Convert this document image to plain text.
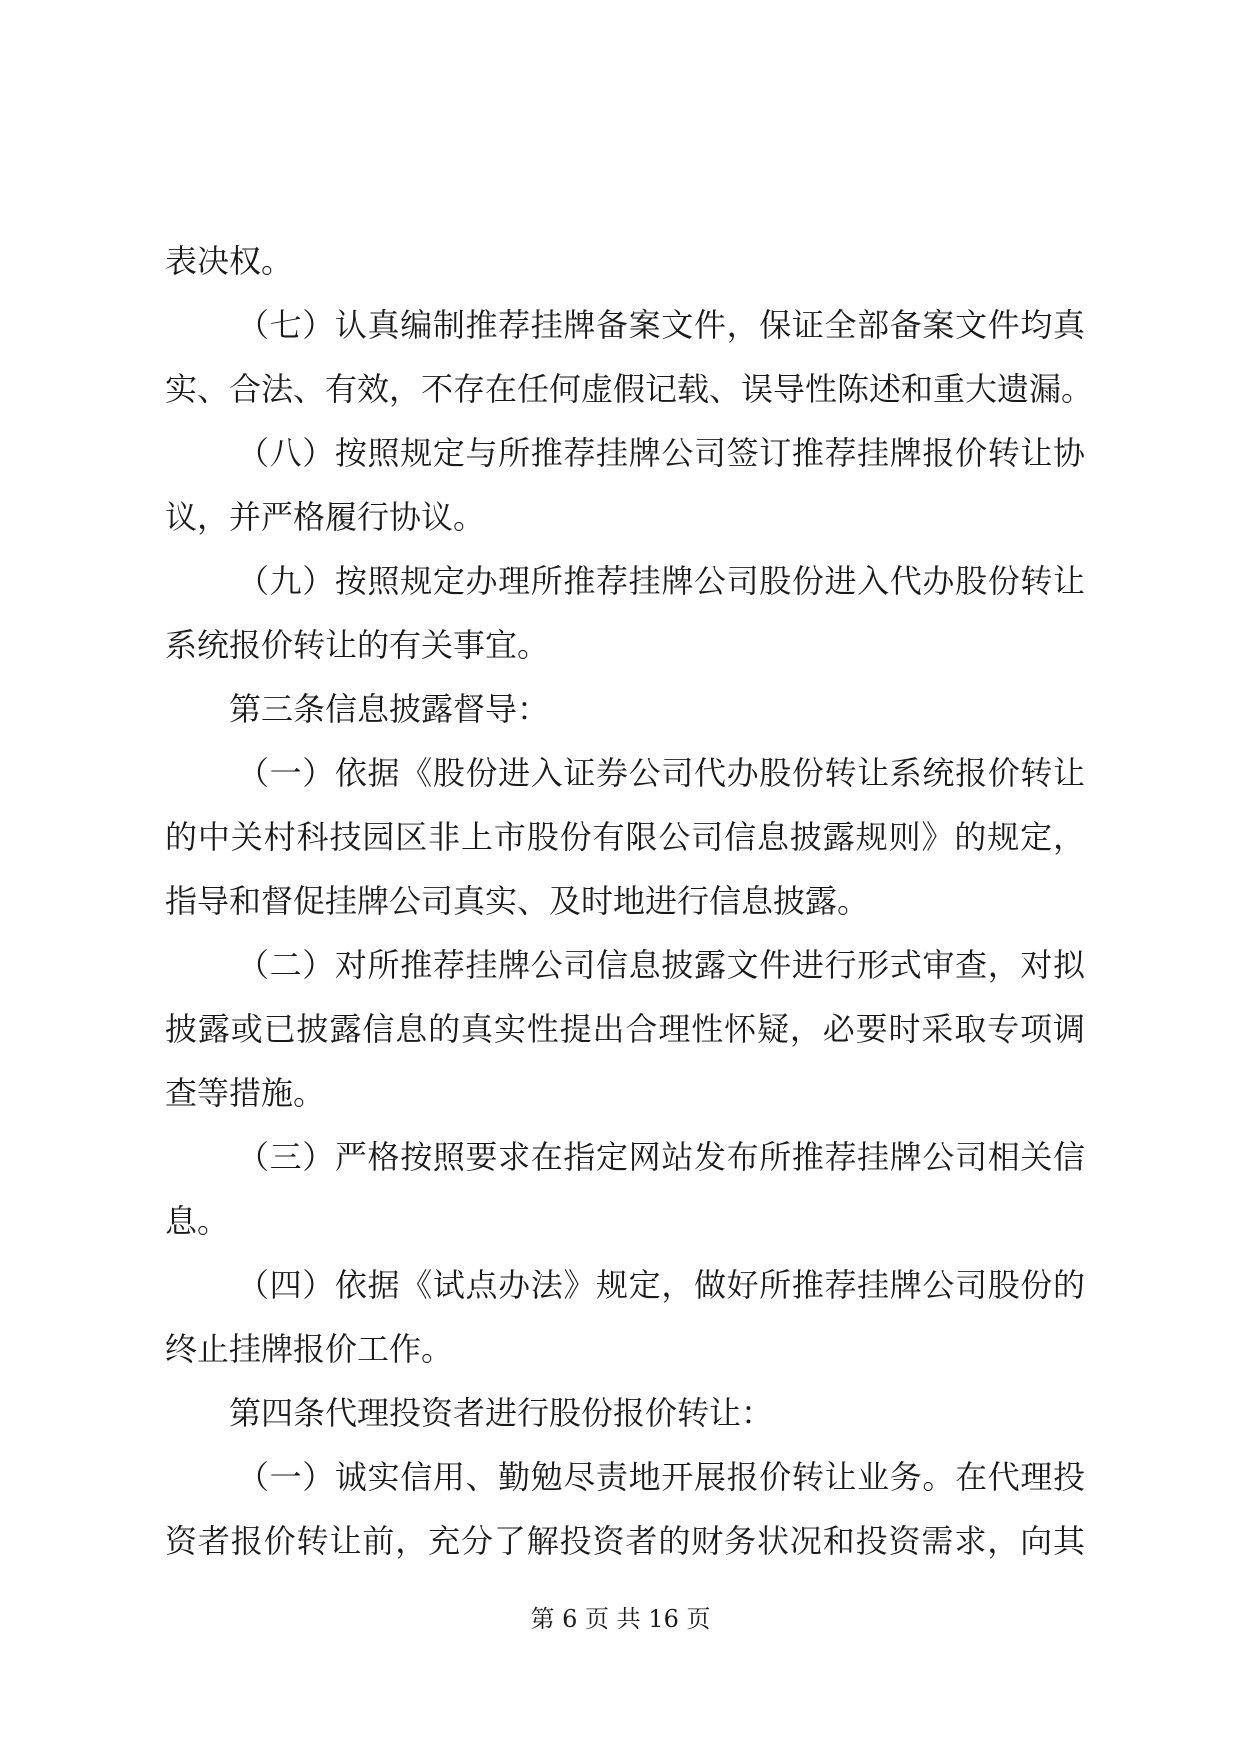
表决权。
（七）认真编制推荐挂牌备案文件，保证全部备案文件均真
实、合法、有效，不存在任何虚假记载、误导性陈述和重大遗漏。
（八）按照规定与所推荐挂牌公司签订推荐挂牌报价转让协
议，并严格履行协议。
（九）按照规定办理所推荐挂牌公司股份进入代办股份转让
系统报价转让的有关事宜。
第三条信息披露督导：
（一）依据《股份进入证券公司代办股份转让系统报价转让
的中关村科技园区非上市股份有限公司信息披露规则》的规定，
指导和督促挂牌公司真实、及时地进行信息披露。
（二）对所推荐挂牌公司信息披露文件进行形式审查，对拟
披露或已披露信息的真实性提出合理性怀疑，必要时采取专项调
查等措施。
（三）严格按照要求在指定网站发布所推荐挂牌公司相关信
息。
（四）依据《试点办法》规定，做好所推荐挂牌公司股份的
终止挂牌报价工作。
第四条代理投资者进行股份报价转让：
（一）诚实信用、勤勉尽责地开展报价转让业务。在代理投
资者报价转让前，充分了解投资者的财务状况和投资需求，向其
第 6 页 共 16 页
